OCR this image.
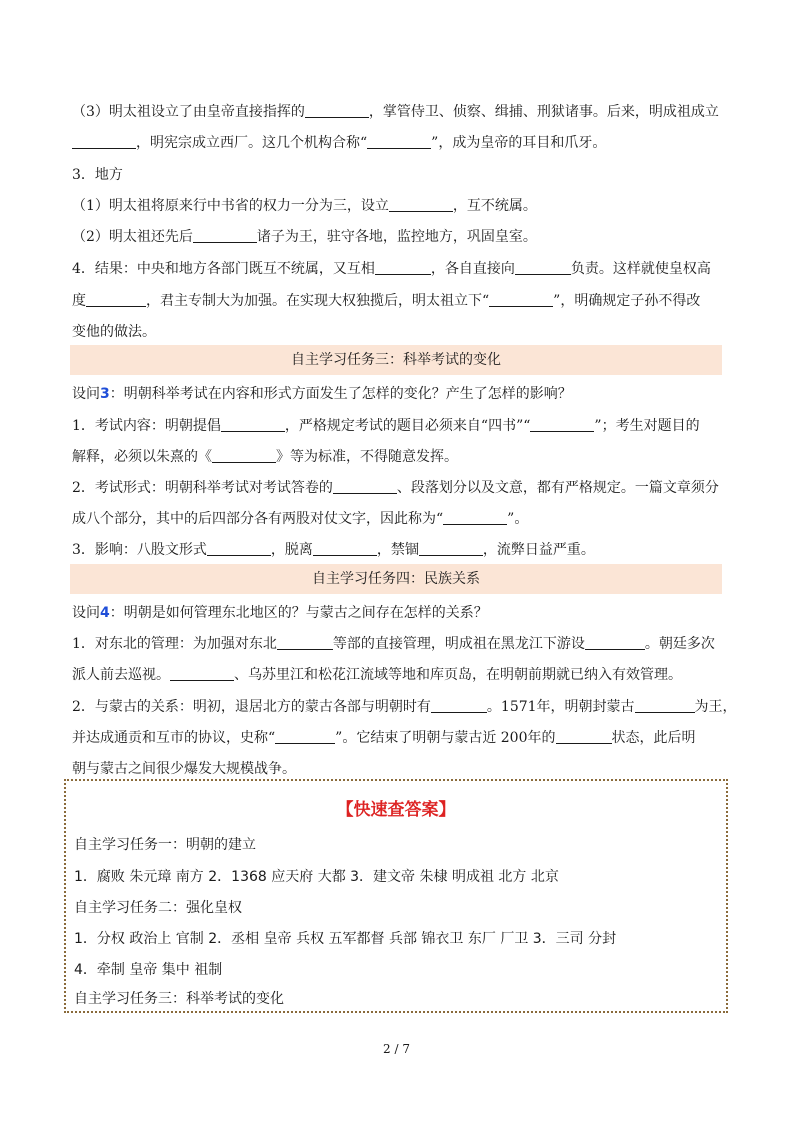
（3）明太祖设立了由皇帝直接指挥的	，掌管侍卫、侦察、缉捕、刑狱诸事。后来，明成祖成立
，明宪宗成立西厂。这几个机构合称“	”，成为皇帝的耳目和爪牙。
3．地方
（1）明太祖将原来行中书省的权力一分为三，设立	，互不统属。
（2）明太祖还先后	诸子为王，驻守各地，监控地方，巩固皇室。
4．结果：中央和地方各部门既互不统属，又互相	，各自直接向	负责。这样就使皇权高
度	，君主专制大为加强。在实现大权独揽后，明太祖立下“	”，明确规定子孙不得改
变他的做法。
自主学习任务三：科举考试的变化
设问3：明朝科举考试在内容和形式方面发生了怎样的变化？产生了怎样的影响？
1．考试内容：明朝提倡	，严格规定考试的题目必须来自“四书”“	”；考生对题目的
解释，必须以朱熹的《	》等为标准，不得随意发挥。
2．考试形式：明朝科举考试对考试答卷的	、段落划分以及文意，都有严格规定。一篇文章须分
成八个部分，其中的后四部分各有两股对仗文字，因此称为“	”。
3．影响：八股文形式	，脱离	，禁锢	，流弊日益严重。
自主学习任务四：民族关系
设问4：明朝是如何管理东北地区的？与蒙古之间存在怎样的关系？
1．对东北的管理：为加强对东北	等部的直接管理，明成祖在黑龙江下游设	。朝廷多次
派人前去巡视。	、乌苏里江和松花江流域等地和库页岛，在明朝前期就已纳入有效管理。
2．与蒙古的关系：明初，退居北方的蒙古各部与明朝时有	。1571年，明朝封蒙古	为王，
并达成通贡和互市的协议，史称“	”。它结束了明朝与蒙古近 200年的	状态，此后明
朝与蒙古之间很少爆发大规模战争。
【快速查答案】
自主学习任务一：明朝的建立
1．腐败 朱元璋 南方 2．1368 应天府 大都 3．建文帝 朱棣 明成祖 北方 北京
自主学习任务二：强化皇权
1．分权 政治上 官制 2．丞相 皇帝 兵权 五军都督 兵部 锦衣卫 东厂 厂卫 3．三司 分封
4．牵制 皇帝 集中 祖制
自主学习任务三：科举考试的变化
2 / 7
